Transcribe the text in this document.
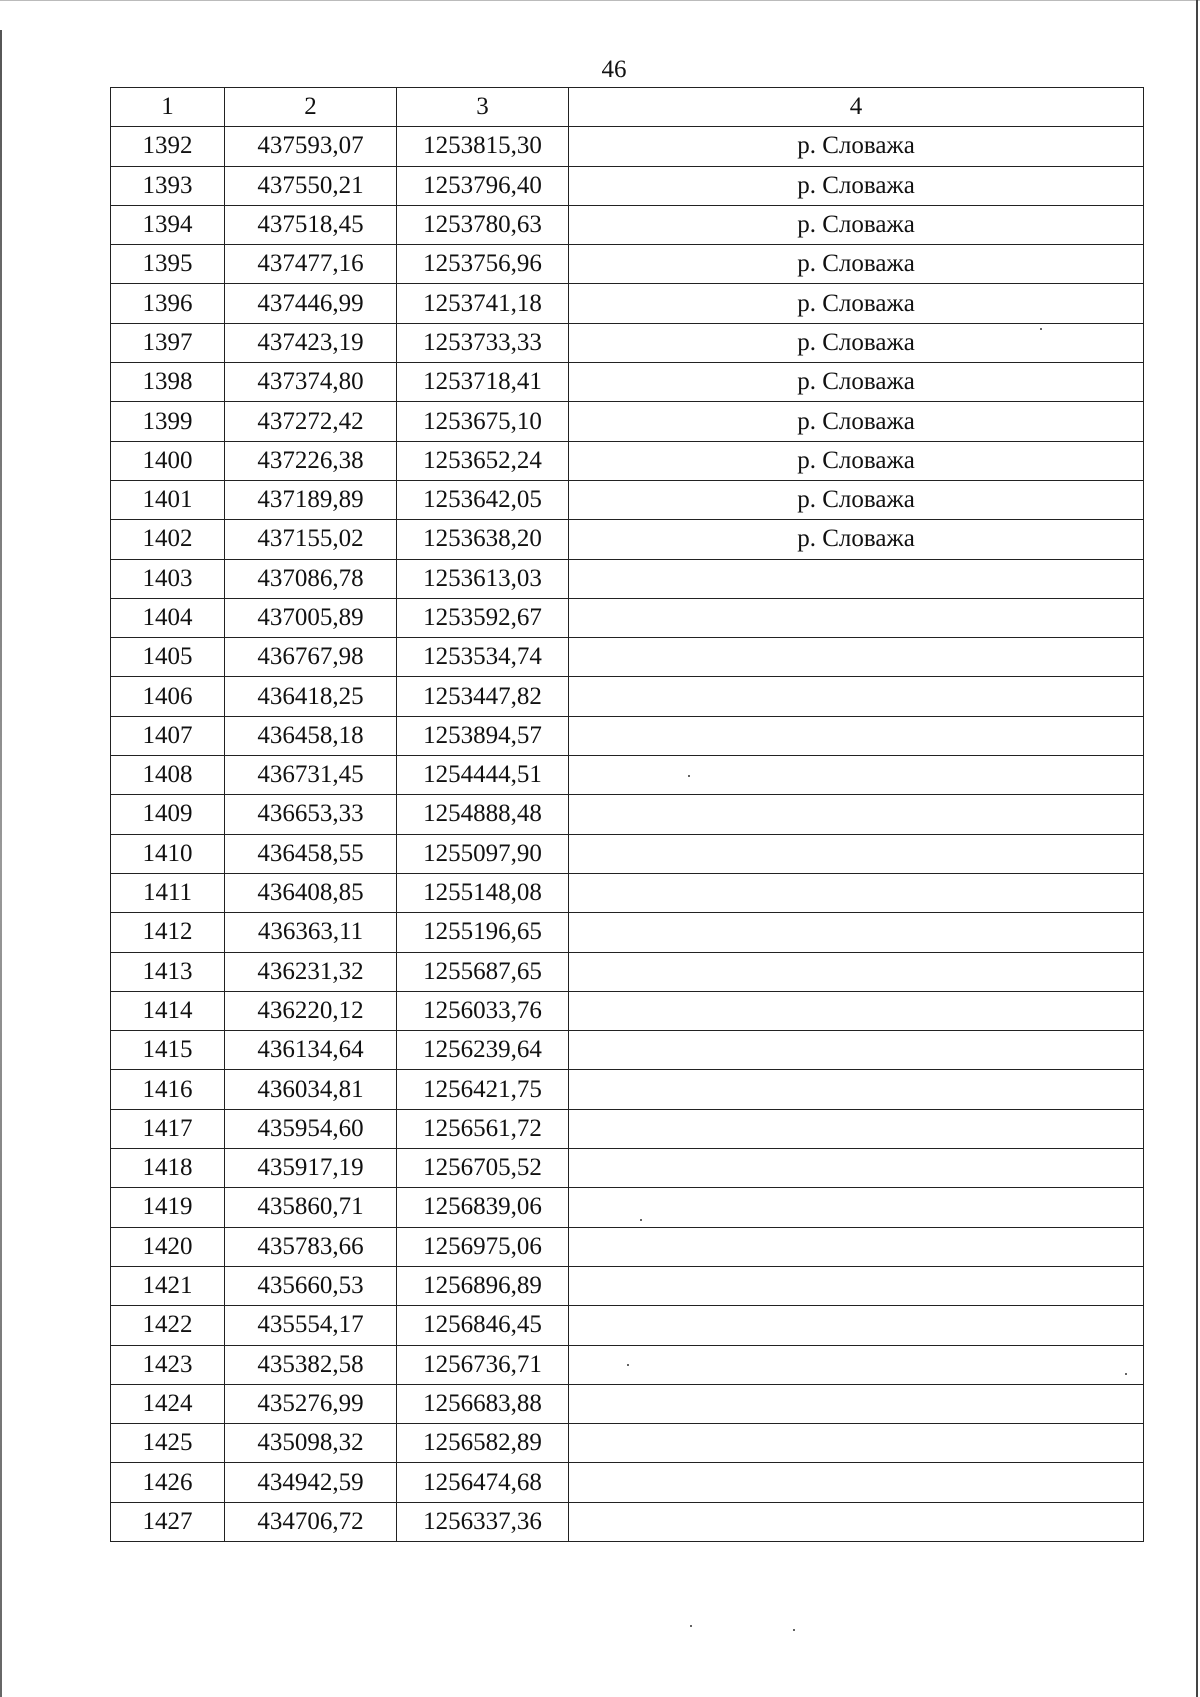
46
1	2	3	4
1392	437593,07	1253815,30	р. Словажа
1393	437550,21	1253796,40	р. Словажа
1394	437518,45	1253780,63	р. Словажа
1395	437477,16	1253756,96	р. Словажа
1396	437446,99	1253741,18	р. Словажа
1397	437423,19	1253733,33	р. Словажа
1398	437374,80	1253718,41	р. Словажа
1399	437272,42	1253675,10	р. Словажа
1400	437226,38	1253652,24	р. Словажа
1401	437189,89	1253642,05	р. Словажа
1402	437155,02	1253638,20	р. Словажа
1403	437086,78	1253613,03	
1404	437005,89	1253592,67	
1405	436767,98	1253534,74	
1406	436418,25	1253447,82	
1407	436458,18	1253894,57	
1408	436731,45	1254444,51	
1409	436653,33	1254888,48	
1410	436458,55	1255097,90	
1411	436408,85	1255148,08	
1412	436363,11	1255196,65	
1413	436231,32	1255687,65	
1414	436220,12	1256033,76	
1415	436134,64	1256239,64	
1416	436034,81	1256421,75	
1417	435954,60	1256561,72	
1418	435917,19	1256705,52	
1419	435860,71	1256839,06	
1420	435783,66	1256975,06	
1421	435660,53	1256896,89	
1422	435554,17	1256846,45	
1423	435382,58	1256736,71	
1424	435276,99	1256683,88	
1425	435098,32	1256582,89	
1426	434942,59	1256474,68	
1427	434706,72	1256337,36	
